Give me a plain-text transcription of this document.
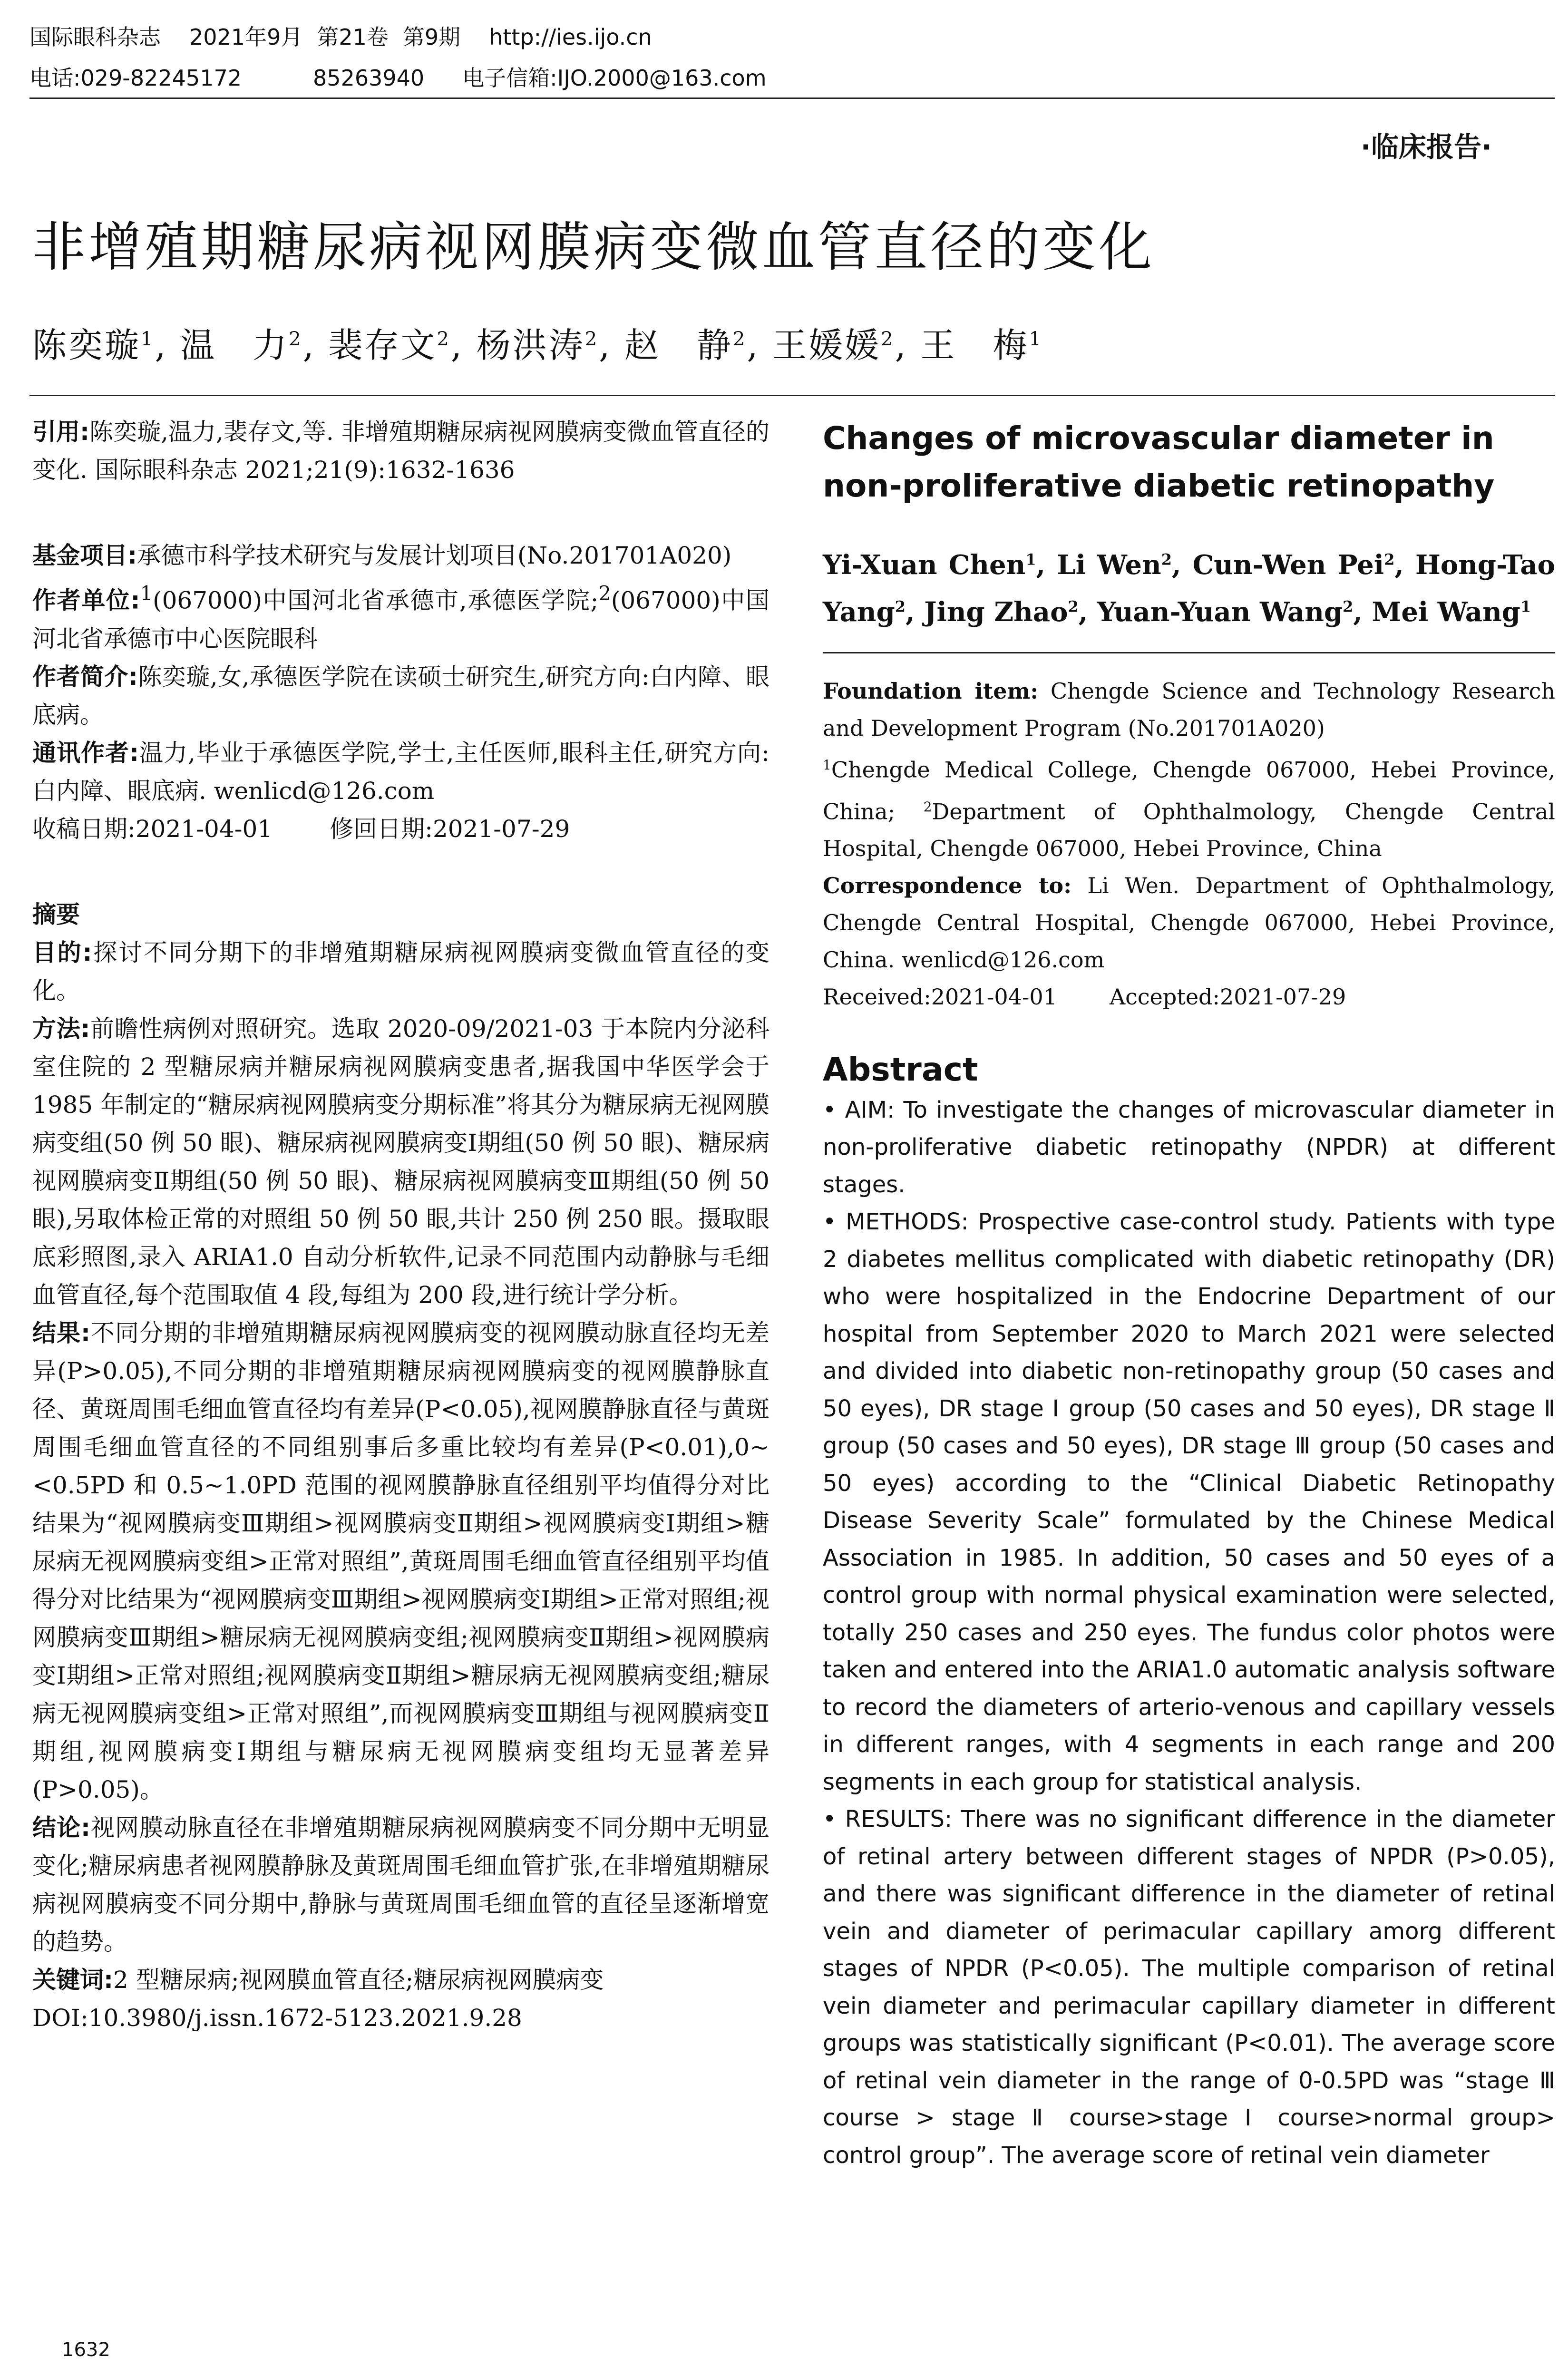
国际眼科杂志 2021年9月 第21卷 第9期 http://ies.ijo.cn
电话:029-82245172	85263940 电子信箱:IJO.2000@163.com
·临床报告·
非增殖期糖尿病视网膜病变微血管直径的变化
陈奕璇$^1$, 温　力$^2$, 裴存文$^2$, 杨洪涛$^2$, 赵　静$^2$, 王媛媛$^2$, 王　梅$^1$

引用:陈奕璇,温力,裴存文,等. 非增殖期糖尿病视网膜病变微血管直径的变化. 国际眼科杂志 2021;21(9):1632-1636

基金项目:承德市科学技术研究与发展计划项目(No.201701A020)

作者单位:$^1$(067000)中国河北省承德市,承德医学院;$^2$(067000)中国河北省承德市中心医院眼科

作者简介:陈奕璇,女,承德医学院在读硕士研究生,研究方向:白内障、眼底病。

通讯作者:温力,毕业于承德医学院,学士,主任医师,眼科主任,研究方向:白内障、眼底病. wenlicd@126.com

收稿日期:2021-04-01 修回日期:2021-07-29

摘要

目的:探讨不同分期下的非增殖期糖尿病视网膜病变微血管直径的变化。

方法:前瞻性病例对照研究。选取 2020-09/2021-03 于本院内分泌科室住院的 2 型糖尿病并糖尿病视网膜病变患者,据我国中华医学会于 1985 年制定的“糖尿病视网膜病变分期标准”将其分为糖尿病无视网膜病变组(50 例 50 眼)、糖尿病视网膜病变Ⅰ期组(50 例 50 眼)、糖尿病视网膜病变Ⅱ期组(50 例 50 眼)、糖尿病视网膜病变Ⅲ期组(50 例 50 眼),另取体检正常的对照组 50 例 50 眼,共计 250 例 250 眼。摄取眼底彩照图,录入 ARIA1.0 自动分析软件,记录不同范围内动静脉与毛细血管直径,每个范围取值 4 段,每组为 200 段,进行统计学分析。

结果:不同分期的非增殖期糖尿病视网膜病变的视网膜动脉直径均无差异(P>0.05),不同分期的非增殖期糖尿病视网膜病变的视网膜静脉直径、黄斑周围毛细血管直径均有差异(P<0.05),视网膜静脉直径与黄斑周围毛细血管直径的不同组别事后多重比较均有差异(P<0.01),0~<0.5PD 和 0.5~1.0PD 范围的视网膜静脉直径组别平均值得分对比结果为“视网膜病变Ⅲ期组>视网膜病变Ⅱ期组>视网膜病变Ⅰ期组>糖尿病无视网膜病变组>正常对照组”,黄斑周围毛细血管直径组别平均值得分对比结果为“视网膜病变Ⅲ期组>视网膜病变Ⅰ期组>正常对照组;视网膜病变Ⅲ期组>糖尿病无视网膜病变组;视网膜病变Ⅱ期组>视网膜病变Ⅰ期组>正常对照组;视网膜病变Ⅱ期组>糖尿病无视网膜病变组;糖尿病无视网膜病变组>正常对照组”,而视网膜病变Ⅲ期组与视网膜病变Ⅱ期组,视网膜病变Ⅰ期组与糖尿病无视网膜病变组均无显著差异(P>0.05)。

结论:视网膜动脉直径在非增殖期糖尿病视网膜病变不同分期中无明显变化;糖尿病患者视网膜静脉及黄斑周围毛细血管扩张,在非增殖期糖尿病视网膜病变不同分期中,静脉与黄斑周围毛细血管的直径呈逐渐增宽的趋势。

关键词:2 型糖尿病;视网膜血管直径;糖尿病视网膜病变

DOI:10.3980/j.issn.1672-5123.2021.9.28

Changes of microvascular diameter in non-proliferative diabetic retinopathy
Yi-Xuan Chen$^1$, Li Wen$^2$, Cun-Wen Pei$^2$, Hong-Tao Yang$^2$, Jing Zhao$^2$, Yuan-Yuan Wang$^2$, Mei Wang$^1$

Foundation item: Chengde Science and Technology Research and Development Program (No.201701A020)

$^1$Chengde Medical College, Chengde 067000, Hebei Province, China; $^2$Department of Ophthalmology, Chengde Central Hospital, Chengde 067000, Hebei Province, China

Correspondence to: Li Wen. Department of Ophthalmology, Chengde Central Hospital, Chengde 067000, Hebei Province, China. wenlicd@126.com

Received:2021-04-01 Accepted:2021-07-29

Abstract

• AIM: To investigate the changes of microvascular diameter in non-proliferative diabetic retinopathy (NPDR) at different stages.

• METHODS: Prospective case-control study. Patients with type 2 diabetes mellitus complicated with diabetic retinopathy (DR) who were hospitalized in the Endocrine Department of our hospital from September 2020 to March 2021 were selected and divided into diabetic non-retinopathy group (50 cases and 50 eyes), DR stage Ⅰ group (50 cases and 50 eyes), DR stage Ⅱ group (50 cases and 50 eyes), DR stage Ⅲ group (50 cases and 50 eyes) according to the “Clinical Diabetic Retinopathy Disease Severity Scale” formulated by the Chinese Medical Association in 1985. In addition, 50 cases and 50 eyes of a control group with normal physical examination were selected, totally 250 cases and 250 eyes. The fundus color photos were taken and entered into the ARIA1.0 automatic analysis software to record the diameters of arterio-venous and capillary vessels in different ranges, with 4 segments in each range and 200 segments in each group for statistical analysis.

• RESULTS: There was no significant difference in the diameter of retinal artery between different stages of NPDR (P>0.05), and there was significant difference in the diameter of retinal vein and diameter of perimacular capillary amorg different stages of NPDR (P<0.05). The multiple comparison of retinal vein diameter and perimacular capillary diameter in different groups was statistically significant (P<0.01). The average score of retinal vein diameter in the range of 0-0.5PD was “stage Ⅲ course > stage Ⅱ course>stage Ⅰ course>normal group> control group”. The average score of retinal vein diameter

1632
